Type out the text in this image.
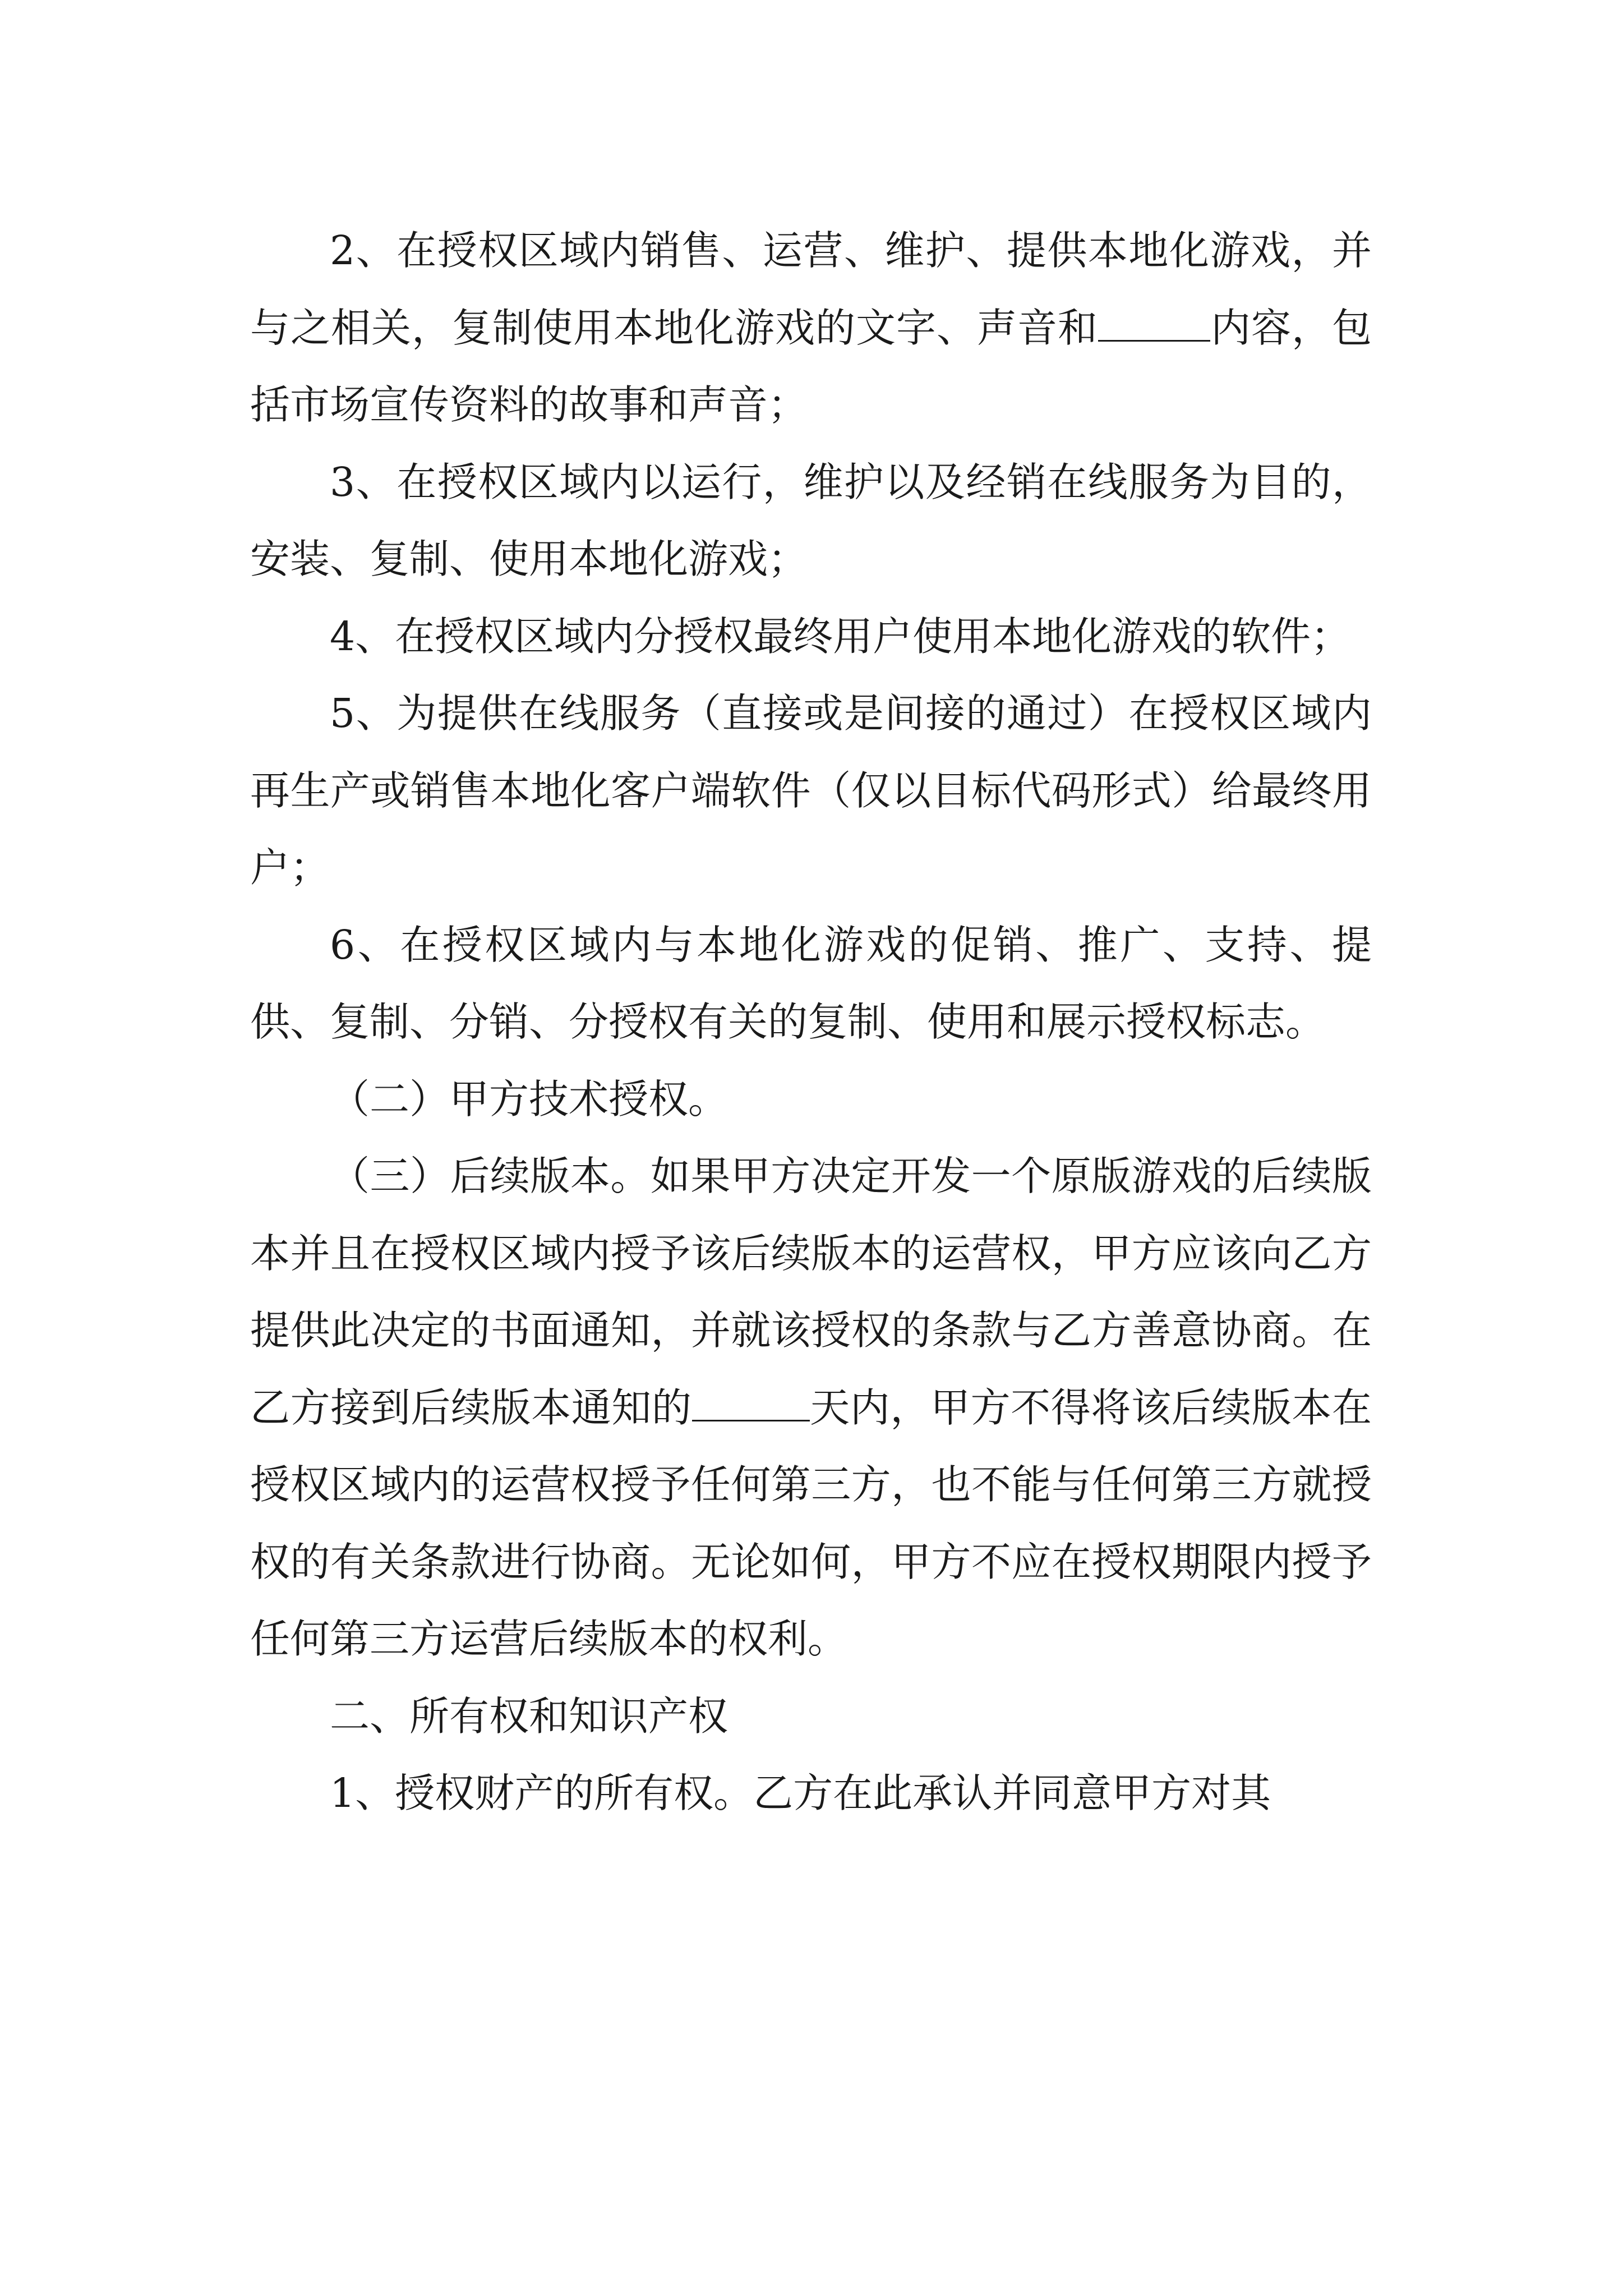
2、在授权区域内销售、运营、维护、提供本地化游戏，并与之相关，复制使用本地化游戏的文字、声音和	内容，包括市场宣传资料的故事和声音；

3、在授权区域内以运行，维护以及经销在线服务为目的，安装、复制、使用本地化游戏；

4、在授权区域内分授权最终用户使用本地化游戏的软件；

5、为提供在线服务（直接或是间接的通过）在授权区域内再生产或销售本地化客户端软件（仅以目标代码形式）给最终用户；

6、在授权区域内与本地化游戏的促销、推广、支持、提供、复制、分销、分授权有关的复制、使用和展示授权标志。

（二）甲方技术授权。

（三）后续版本。如果甲方决定开发一个原版游戏的后续版本并且在授权区域内授予该后续版本的运营权，甲方应该向乙方提供此决定的书面通知，并就该授权的条款与乙方善意协商。在乙方接到后续版本通知的	天内，甲方不得将该后续版本在授权区域内的运营权授予任何第三方，也不能与任何第三方就授权的有关条款进行协商。无论如何，甲方不应在授权期限内授予任何第三方运营后续版本的权利。

二、所有权和知识产权

1、授权财产的所有权。乙方在此承认并同意甲方对其
